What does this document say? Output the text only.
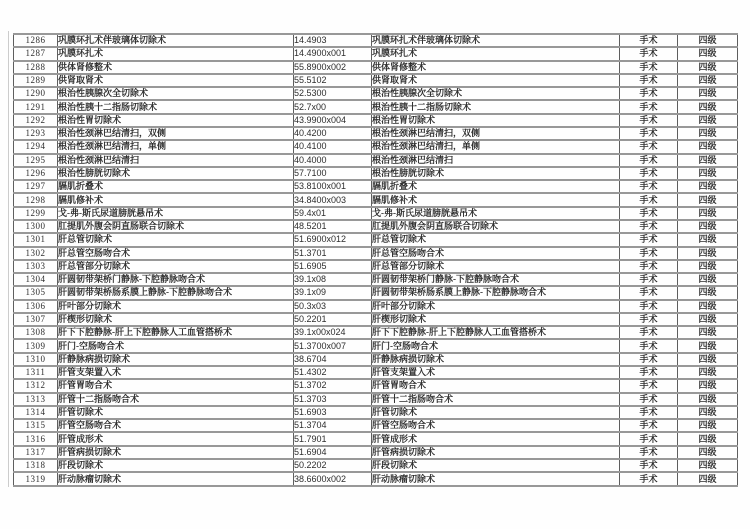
1286	巩膜环扎术伴玻璃体切除术	14.4903	巩膜环扎术伴玻璃体切除术	手术	四级
1287	巩膜环扎术	14.4900x001	巩膜环扎术	手术	四级
1288	供体肾修整术	55.8900x002	供体肾修整术	手术	四级
1289	供肾取肾术	55.5102	供肾取肾术	手术	四级
1290	根治性胰腺次全切除术	52.5300	根治性胰腺次全切除术	手术	四级
1291	根治性胰十二指肠切除术	52.7x00	根治性胰十二指肠切除术	手术	四级
1292	根治性胃切除术	43.9900x004	根治性胃切除术	手术	四级
1293	根治性颈淋巴结清扫，双侧	40.4200	根治性颈淋巴结清扫，双侧	手术	四级
1294	根治性颈淋巴结清扫，单侧	40.4100	根治性颈淋巴结清扫，单侧	手术	四级
1295	根治性颈淋巴结清扫	40.4000	根治性颈淋巴结清扫	手术	四级
1296	根治性膀胱切除术	57.7100	根治性膀胱切除术	手术	四级
1297	膈肌折叠术	53.8100x001	膈肌折叠术	手术	四级
1298	膈肌修补术	34.8400x003	膈肌修补术	手术	四级
1299	戈-弗-斯氏尿道膀胱悬吊术	59.4x01	戈-弗-斯氏尿道膀胱悬吊术	手术	四级
1300	肛提肌外腹会阴直肠联合切除术	48.5201	肛提肌外腹会阴直肠联合切除术	手术	四级
1301	肝总管切除术	51.6900x012	肝总管切除术	手术	四级
1302	肝总管空肠吻合术	51.3701	肝总管空肠吻合术	手术	四级
1303	肝总管部分切除术	51.6905	肝总管部分切除术	手术	四级
1304	肝圆韧带架桥门静脉-下腔静脉吻合术	39.1x08	肝圆韧带架桥门静脉-下腔静脉吻合术	手术	四级
1305	肝圆韧带架桥肠系膜上静脉-下腔静脉吻合术	39.1x09	肝圆韧带架桥肠系膜上静脉-下腔静脉吻合术	手术	四级
1306	肝叶部分切除术	50.3x03	肝叶部分切除术	手术	四级
1307	肝楔形切除术	50.2201	肝楔形切除术	手术	四级
1308	肝下下腔静脉-肝上下腔静脉人工血管搭桥术	39.1x00x024	肝下下腔静脉-肝上下腔静脉人工血管搭桥术	手术	四级
1309	肝门-空肠吻合术	51.3700x007	肝门-空肠吻合术	手术	四级
1310	肝静脉病损切除术	38.6704	肝静脉病损切除术	手术	四级
1311	肝管支架置入术	51.4302	肝管支架置入术	手术	四级
1312	肝管胃吻合术	51.3702	肝管胃吻合术	手术	四级
1313	肝管十二指肠吻合术	51.3703	肝管十二指肠吻合术	手术	四级
1314	肝管切除术	51.6903	肝管切除术	手术	四级
1315	肝管空肠吻合术	51.3704	肝管空肠吻合术	手术	四级
1316	肝管成形术	51.7901	肝管成形术	手术	四级
1317	肝管病损切除术	51.6904	肝管病损切除术	手术	四级
1318	肝段切除术	50.2202	肝段切除术	手术	四级
1319	肝动脉瘤切除术	38.6600x002	肝动脉瘤切除术	手术	四级
